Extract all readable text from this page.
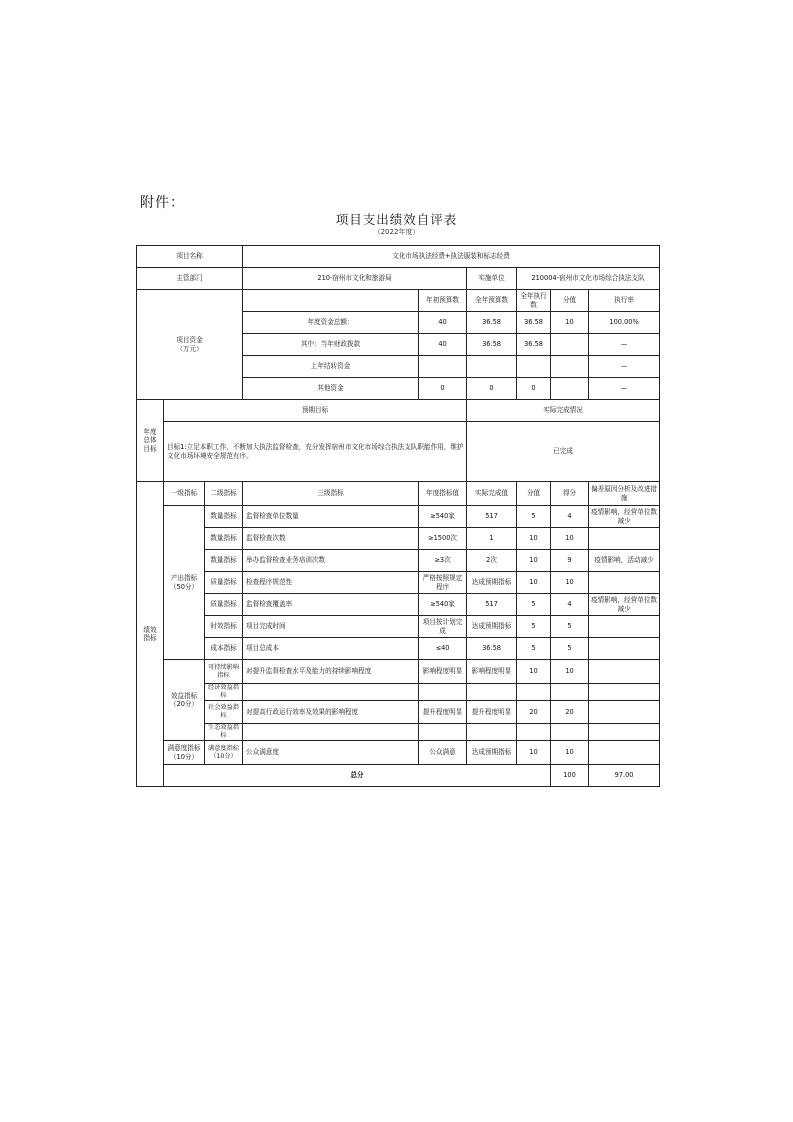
附件：
项目支出绩效自评表
（2022年度）
项目名称			文化市场执法经费+执法服装和标志经费						
主管部门			210-宿州市文化和旅游局		实施单位	210004-宿州市文化市场综合执法支队			
项目资金
（万元）				年初预算数	全年预算数	全年执行数	分值	执行率	
			年度资金总额：	40	36.58	36.58	10	100.00%	
			其中：当年财政拨款	40	36.58	36.58		—	
			上年结转资金					—	
			其他资金	0	0	0		—	
年度总体目标	预期目标				实际完成情况				
	目标1:立足本职工作，不断加大执法监督检查，充分发挥宿州市文化市场综合执法支队职能作用，维护文化市场环境安全规范有序。				已完成				
绩效指标	一级指标	二级指标	三级指标	年度指标值	实际完成值	分值	得分	偏差原因分析及改进措施	
	产出指标
（50分）	数量指标	监督检查单位数量	≥540家	517	5	4	疫情影响，经营单位数减少	
		数量指标	监督检查次数	≥1500次	1	10	10		
		数量指标	举办监督检查业务培训次数	≥3次	2次	10	9	疫情影响，活动减少	
		质量指标	检查程序规范性	严格按照规定程序	达成预期指标	10	10		
		质量指标	监督检查覆盖率	≥540家	517	5	4	疫情影响，经营单位数减少	
		时效指标	项目完成时间	项目按计划完成	达成预期指标	5	5		
		成本指标	项目总成本	≤40	36.58	5	5		
	效益指标
（20分）	可持续影响指标	对提升监督检查水平及能力的持续影响程度	影响程度明显	影响程度明显	10	10		
		经济效益指标							
		社会效益指标	对提高行政运行效率及效果的影响程度	提升程度明显	提升程度明显	20	20		
		生态效益指标							
	满意度指标（10分）	满意度指标（10分）	公众满意度	公众满意	达成预期指标	10	10		
	总分						100	97.00	
